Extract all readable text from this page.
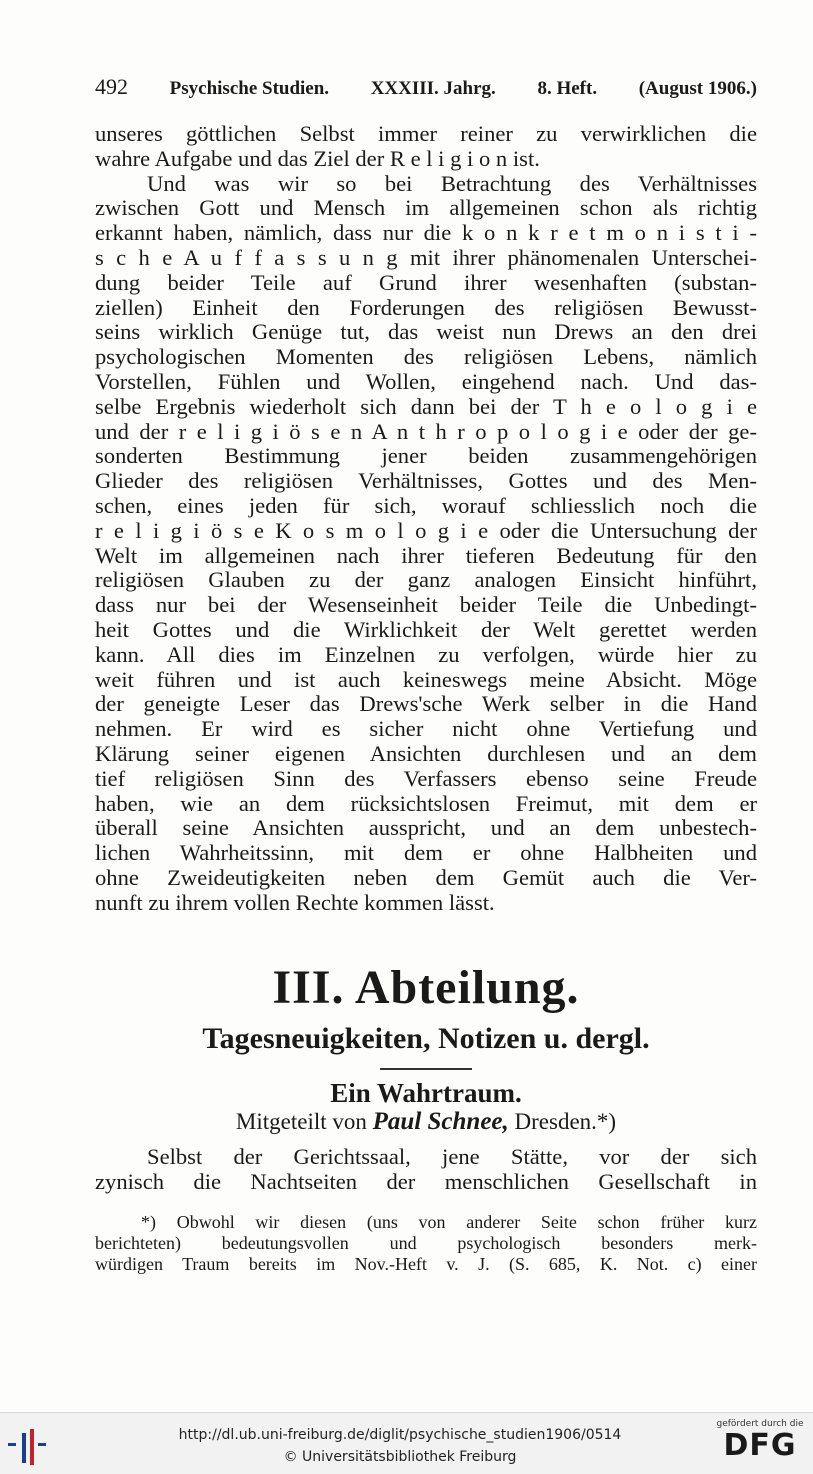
492 Psychische Studien. XXXIII. Jahrg. 8. Heft. (August 1906.)
unseres göttlichen Selbst immer reiner zu verwirklichen die
wahre Aufgabe und das Ziel der R e l i g i o n ist.
Und was wir so bei Betrachtung des Verhältnisses
zwischen Gott und Mensch im allgemeinen schon als richtig
erkannt haben, nämlich, dass nur die k o n k r e t m o n i s t i -
s c h e A u f f a s s u n g mit ihrer phänomenalen Unterschei-
dung beider Teile auf Grund ihrer wesenhaften (substan-
ziellen) Einheit den Forderungen des religiösen Bewusst-
seins wirklich Genüge tut, das weist nun Drews an den drei
psychologischen Momenten des religiösen Lebens, nämlich
Vorstellen, Fühlen und Wollen, eingehend nach. Und das-
selbe Ergebnis wiederholt sich dann bei der T h e o l o g i e
und der r e l i g i ö s e n A n t h r o p o l o g i e oder der ge-
sonderten Bestimmung jener beiden zusammengehörigen
Glieder des religiösen Verhältnisses, Gottes und des Men-
schen, eines jeden für sich, worauf schliesslich noch die
r e l i g i ö s e K o s m o l o g i e oder die Untersuchung der
Welt im allgemeinen nach ihrer tieferen Bedeutung für den
religiösen Glauben zu der ganz analogen Einsicht hinführt,
dass nur bei der Wesenseinheit beider Teile die Unbedingt-
heit Gottes und die Wirklichkeit der Welt gerettet werden
kann. All dies im Einzelnen zu verfolgen, würde hier zu
weit führen und ist auch keineswegs meine Absicht. Möge
der geneigte Leser das Drews'sche Werk selber in die Hand
nehmen. Er wird es sicher nicht ohne Vertiefung und
Klärung seiner eigenen Ansichten durchlesen und an dem
tief religiösen Sinn des Verfassers ebenso seine Freude
haben, wie an dem rücksichtslosen Freimut, mit dem er
überall seine Ansichten ausspricht, und an dem unbestech-
lichen Wahrheitssinn, mit dem er ohne Halbheiten und
ohne Zweideutigkeiten neben dem Gemüt auch die Ver-
nunft zu ihrem vollen Rechte kommen lässt.
III. Abteilung.
Tagesneuigkeiten, Notizen u. dergl.
Ein Wahrtraum.
Mitgeteilt von Paul Schnee, Dresden.*)
Selbst der Gerichtssaal, jene Stätte, vor der sich
zynisch die Nachtseiten der menschlichen Gesellschaft in
*) Obwohl wir diesen (uns von anderer Seite schon früher kurz
berichteten) bedeutungsvollen und psychologisch besonders merk-
würdigen Traum bereits im Nov.-Heft v. J. (S. 685, K. Not. c) einer
http://dl.ub.uni-freiburg.de/diglit/psychische_studien1906/0514
© Universitätsbibliothek Freiburg
gefördert durch die
DFG
